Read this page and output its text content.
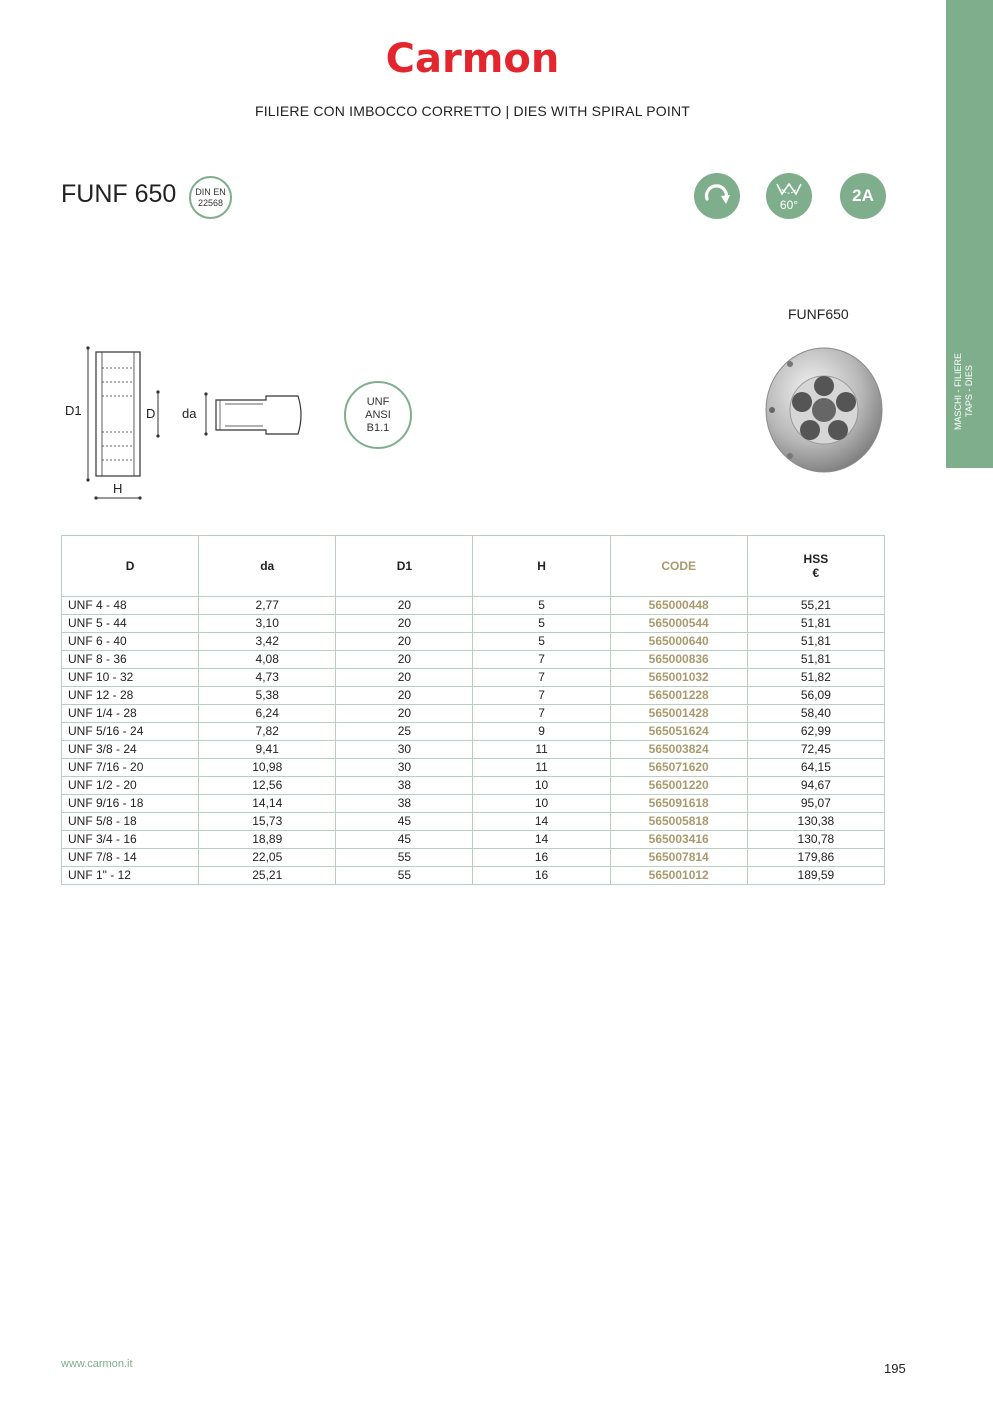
Carmon
FILIERE CON IMBOCCO CORRETTO | DIES WITH SPIRAL POINT
MASCHI - FILIERE TAPS - DIES
FUNF 650 DIN EN
22568	60°	2A
FUNF650
D1	D
H
da
UNF
ANSI
B1.1
D	da	D1	H	CODE	HSS
€

UNF 4 - 48	2,77	20	5	565000448	55,21
UNF 5 - 44	3,10	20	5	565000544	51,81
UNF 6 - 40	3,42	20	5	565000640	51,81
UNF 8 - 36	4,08	20	7	565000836	51,81
UNF 10 - 32	4,73	20	7	565001032	51,82
UNF 12 - 28	5,38	20	7	565001228	56,09
UNF 1/4 - 28	6,24	20	7	565001428	58,40
UNF 5/16 - 24	7,82	25	9	565051624	62,99
UNF 3/8 - 24	9,41	30	11	565003824	72,45
UNF 7/16 - 20	10,98	30	11	565071620	64,15
UNF 1/2 - 20	12,56	38	10	565001220	94,67
UNF 9/16 - 18	14,14	38	10	565091618	95,07
UNF 5/8 - 18	15,73	45	14	565005818	130,38
UNF 3/4 - 16	18,89	45	14	565003416	130,78
UNF 7/8 - 14	22,05	55	16	565007814	179,86
UNF 1" - 12	25,21	55	16	565001012	189,59
www.carmon.it	195
